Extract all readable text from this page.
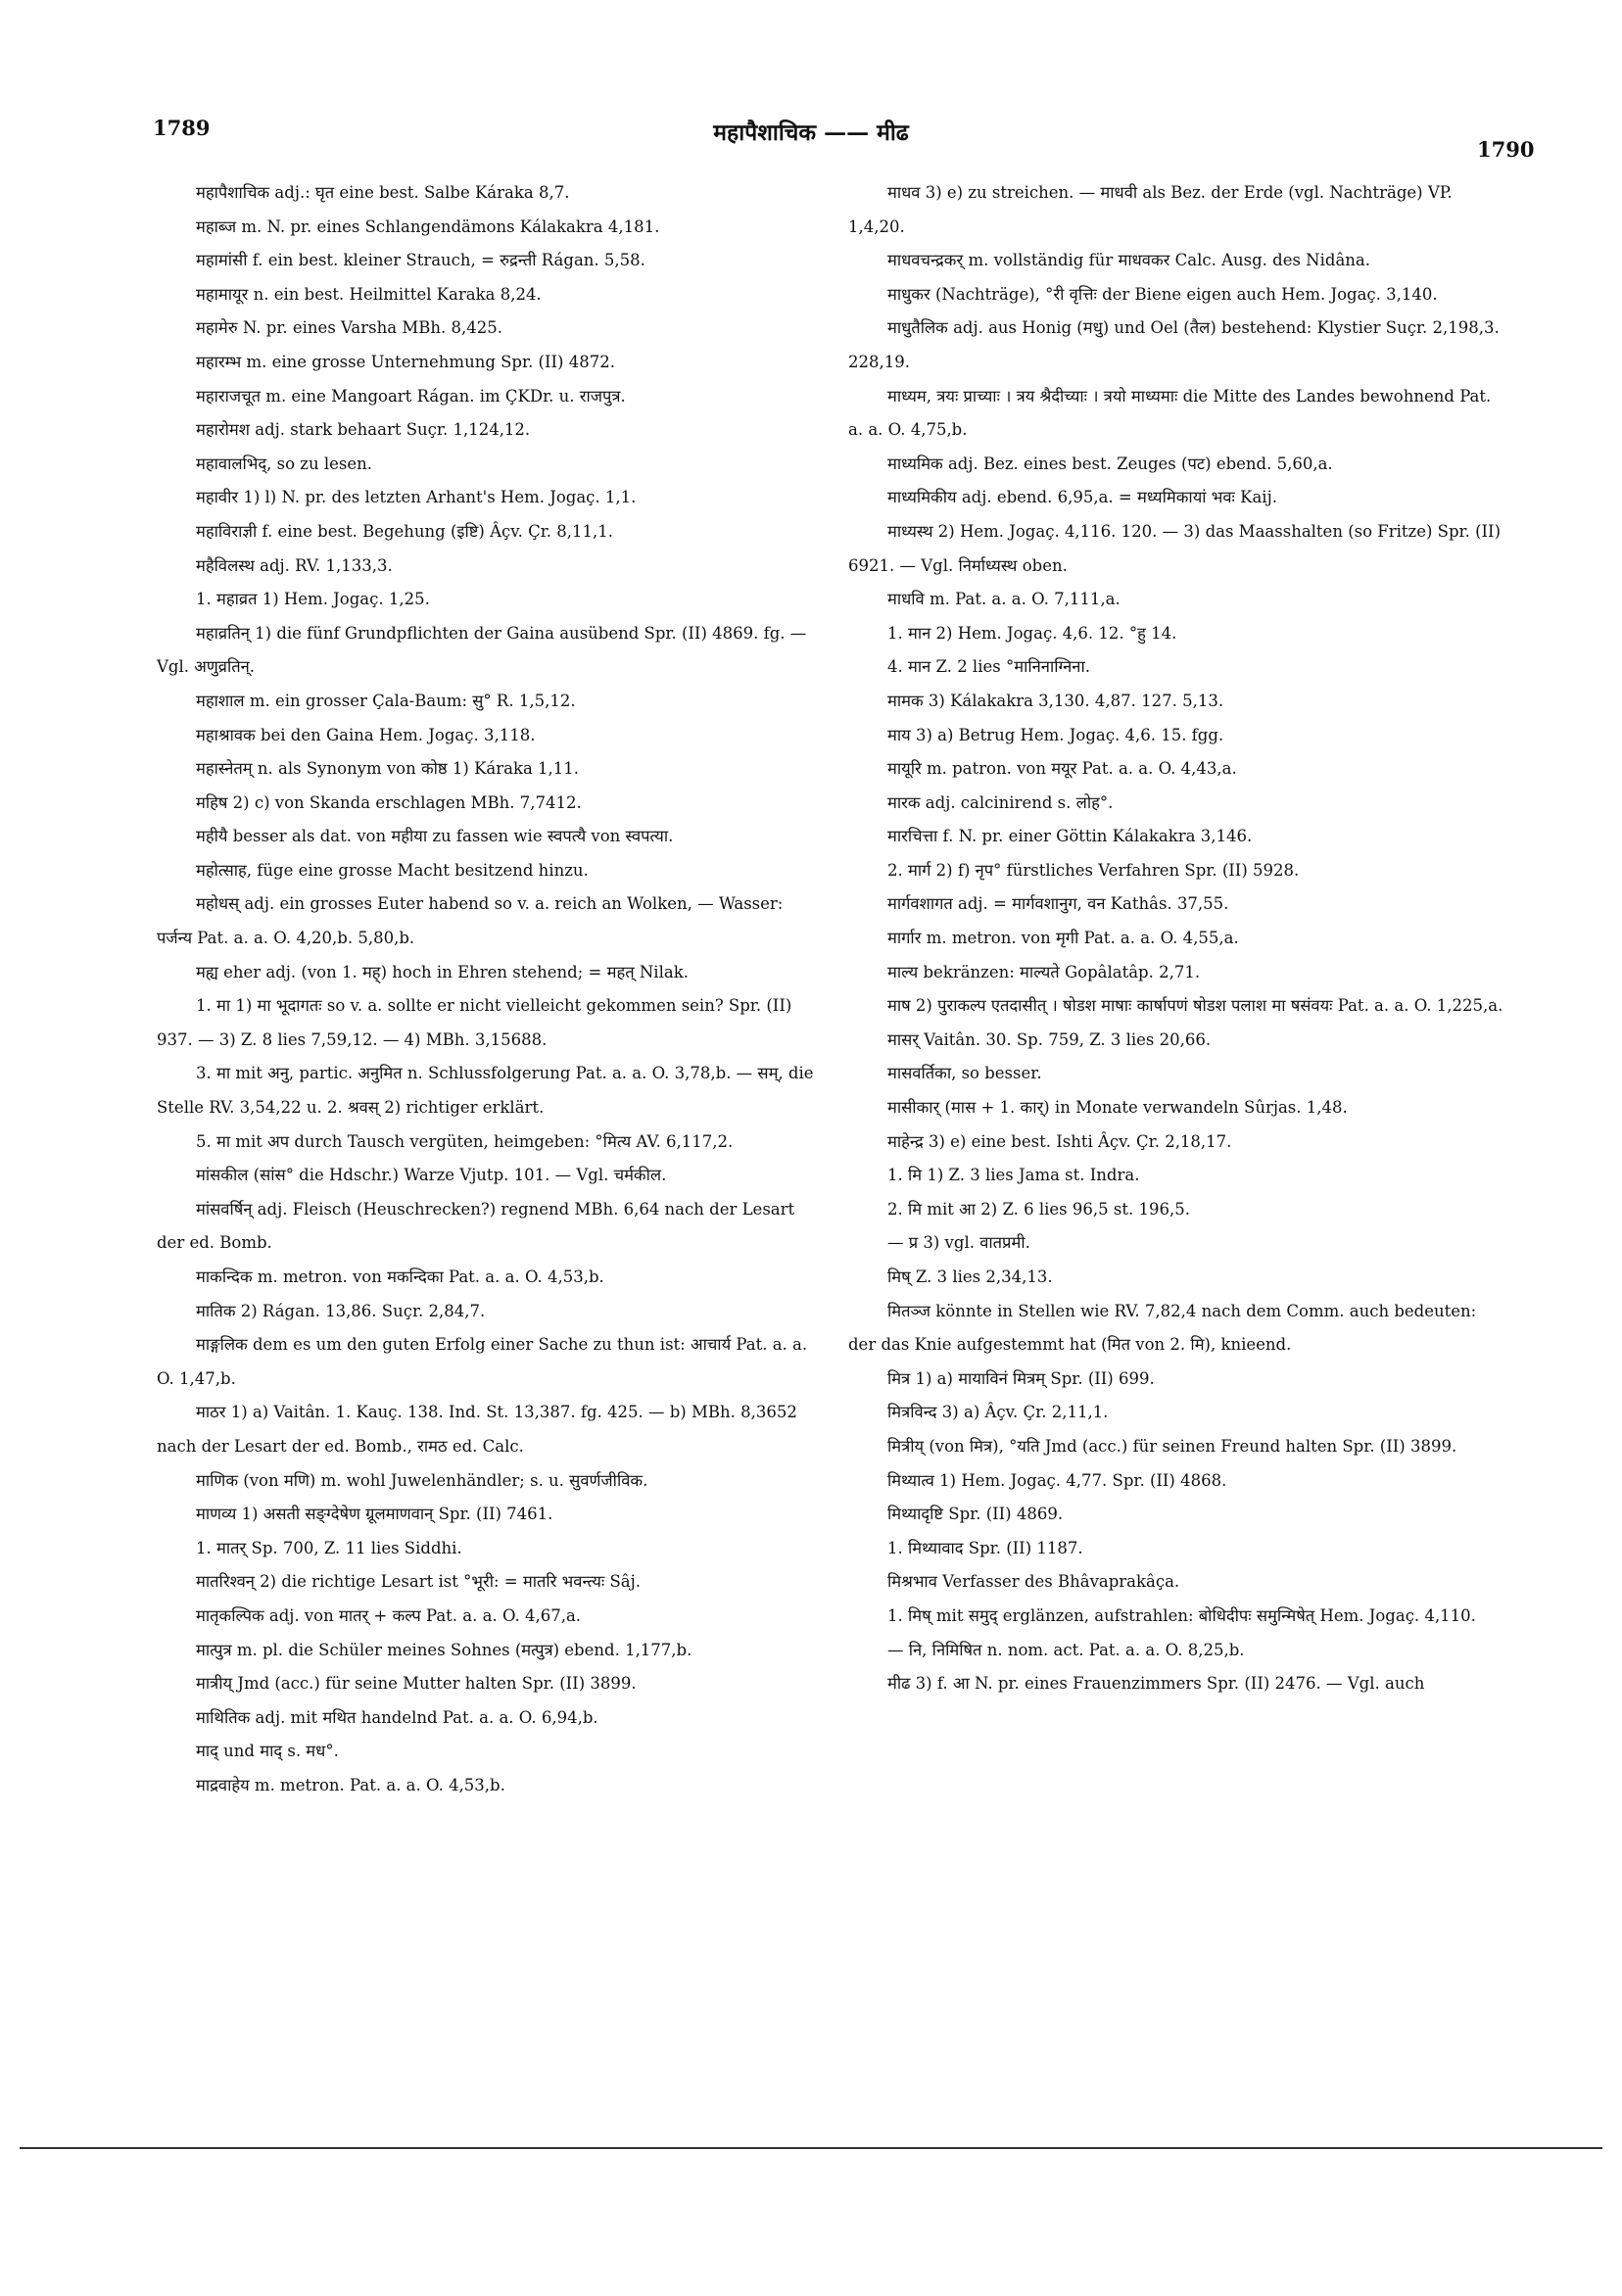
1789	महापैशाचिक —— मीढ
1790

महापैशाचिक adj.: घृत eine best. Salbe Káraka 8,7.

महाब्ज m. N. pr. eines Schlangendämons Kálakakra 4,181.

महामांसी f. ein best. kleiner Strauch, = रुद्रन्ती Rágan. 5,58.

महामायूर n. ein best. Heilmittel Karaka 8,24.

महामेरु N. pr. eines Varsha MBh. 8,425.

महारम्भ m. eine grosse Unternehmung Spr. (II) 4872.

महाराजचूत m. eine Mangoart Rágan. im ÇKDr. u. राजपुत्र.

महारोमश adj. stark behaart Suçr. 1,124,12.

महावालभिद्, so zu lesen.

महावीर 1) l) N. pr. des letzten Arhant's Hem. Jogaç. 1,1.

महाविराज्ञी f. eine best. Begehung (इष्टि) Âçv. Çr. 8,11,1.

महैविलस्थ adj. RV. 1,133,3.

1. महाव्रत 1) Hem. Jogaç. 1,25.

महाव्रतिन् 1) die fünf Grundpflichten der Gaina ausübend Spr. (II) 4869. fg. — Vgl. अणुव्रतिन्.

महाशाल m. ein grosser Çala-Baum: सु° R. 1,5,12.

महाश्रावक bei den Gaina Hem. Jogaç. 3,118.

महास्नेतम् n. als Synonym von कोष्ठ 1) Káraka 1,11.

महिष 2) c) von Skanda erschlagen MBh. 7,7412.

महीयै besser als dat. von महीया zu fassen wie स्वपत्यै von स्वपत्या.

महोत्साह, füge eine grosse Macht besitzend hinzu.

महोधस् adj. ein grosses Euter habend so v. a. reich an Wolken, — Wasser: पर्जन्य Pat. a. a. O. 4,20,b. 5,80,b.

मह्य eher adj. (von 1. मह्) hoch in Ehren stehend; = महत् Nilak.

1. मा 1) मा भूदागतः so v. a. sollte er nicht vielleicht gekommen sein? Spr. (II) 937. — 3) Z. 8 lies 7,59,12. — 4) MBh. 3,15688.

3. मा mit अनु, partic. अनुमित n. Schlussfolgerung Pat. a. a. O. 3,78,b. — सम्, die Stelle RV. 3,54,22 u. 2. श्रवस् 2) richtiger erklärt.

5. मा mit अप durch Tausch vergüten, heimgeben: °मित्य AV. 6,117,2.

मांसकील (सांस° die Hdschr.) Warze Vjutp. 101. — Vgl. चर्मकील.

मांसवर्षिन् adj. Fleisch (Heuschrecken?) regnend MBh. 6,64 nach der Lesart der ed. Bomb.

माकन्दिक m. metron. von मकन्दिका Pat. a. a. O. 4,53,b.

मातिक 2) Rágan. 13,86. Suçr. 2,84,7.

माङ्गलिक dem es um den guten Erfolg einer Sache zu thun ist: आचार्य Pat. a. a. O. 1,47,b.

माठर 1) a) Vaitân. 1. Kauç. 138. Ind. St. 13,387. fg. 425. — b) MBh. 8,3652 nach der Lesart der ed. Bomb., रामठ ed. Calc.

माणिक (von मणि) m. wohl Juwelenhändler; s. u. सुवर्णजीविक.

माणव्य 1) असती सङ्ग्देषेण ग्रूलमाणवान् Spr. (II) 7461.

1. मातर् Sp. 700, Z. 11 lies Siddhi.

मातरिश्वन् 2) die richtige Lesart ist °भूरी: = मातरि भवन्त्यः Sâj.

मातृकल्पिक adj. von मातर् + कल्प Pat. a. a. O. 4,67,a.

मात्पुत्र m. pl. die Schüler meines Sohnes (मत्पुत्र) ebend. 1,177,b.

मात्रीय् Jmd (acc.) für seine Mutter halten Spr. (II) 3899.

माथितिक adj. mit मथित handelnd Pat. a. a. O. 6,94,b.

माद् und माद् s. मध°.

माद्रवाहेय m. metron. Pat. a. a. O. 4,53,b.

माधव 3) e) zu streichen. — माधवी als Bez. der Erde (vgl. Nachträge) VP. 1,4,20.

माधवचन्द्रकर् m. vollständig für माधवकर Calc. Ausg. des Nidâna.

माधुकर (Nachträge), °री वृत्तिः der Biene eigen auch Hem. Jogaç. 3,140.

माधुतैलिक adj. aus Honig (मधु) und Oel (तैल) bestehend: Klystier Suçr. 2,198,3. 228,19.

माध्यम, त्रयः प्राच्याः । त्रय श्रैदीच्याः । त्रयो माध्यमाः die Mitte des Landes bewohnend Pat. a. a. O. 4,75,b.

माध्यमिक adj. Bez. eines best. Zeuges (पट) ebend. 5,60,a.

माध्यमिकीय adj. ebend. 6,95,a. = मध्यमिकायां भवः Kaij.

माध्यस्थ 2) Hem. Jogaç. 4,116. 120. — 3) das Maasshalten (so Fritze) Spr. (II) 6921. — Vgl. निर्माध्यस्थ oben.

माधवि m. Pat. a. a. O. 7,111,a.

1. मान 2) Hem. Jogaç. 4,6. 12. °हु 14.

4. मान Z. 2 lies °मानिनाग्निना.

मामक 3) Kálakakra 3,130. 4,87. 127. 5,13.

माय 3) a) Betrug Hem. Jogaç. 4,6. 15. fgg.

मायूरि m. patron. von मयूर Pat. a. a. O. 4,43,a.

मारक adj. calcinirend s. लोह°.

मारचित्ता f. N. pr. einer Göttin Kálakakra 3,146.

2. मार्ग 2) f) नृप° fürstliches Verfahren Spr. (II) 5928.

मार्गवशागत adj. = मार्गवशानुग, वन Kathâs. 37,55.

मार्गार m. metron. von मृगी Pat. a. a. O. 4,55,a.

माल्य bekränzen: माल्यते Gopâlatâp. 2,71.

माष 2) पुराकल्प एतदासीत् । षोडश माषाः कार्षापणं षोडश पलाश मा षसंवयः Pat. a. a. O. 1,225,a.

मासर् Vaitân. 30. Sp. 759, Z. 3 lies 20,66.

मासवर्तिका, so besser.

मासीकार् (मास + 1. कार्) in Monate verwandeln Sûrjas. 1,48.

माहेन्द्र 3) e) eine best. Ishti Âçv. Çr. 2,18,17.

1. मि 1) Z. 3 lies Jama st. Indra.

2. मि mit आ 2) Z. 6 lies 96,5 st. 196,5.

— प्र 3) vgl. वातप्रमी.

मिष् Z. 3 lies 2,34,13.

मितञ्ज könnte in Stellen wie RV. 7,82,4 nach dem Comm. auch bedeuten: der das Knie aufgestemmt hat (मित von 2. मि), knieend.

मित्र 1) a) मायाविनं मित्रम् Spr. (II) 699.

मित्रविन्द 3) a) Âçv. Çr. 2,11,1.

मित्रीय् (von मित्र), °यति Jmd (acc.) für seinen Freund halten Spr. (II) 3899.

मिथ्यात्व 1) Hem. Jogaç. 4,77. Spr. (II) 4868.

मिथ्यादृष्टि Spr. (II) 4869.

1. मिथ्यावाद Spr. (II) 1187.

मिश्रभाव Verfasser des Bhâvaprakâça.

1. मिष् mit समुद् erglänzen, aufstrahlen: बोधिदीपः समुन्मिषेत् Hem. Jogaç. 4,110.

— नि, निमिषित n. nom. act. Pat. a. a. O. 8,25,b.

मीढ 3) f. आ N. pr. eines Frauenzimmers Spr. (II) 2476. — Vgl. auch
